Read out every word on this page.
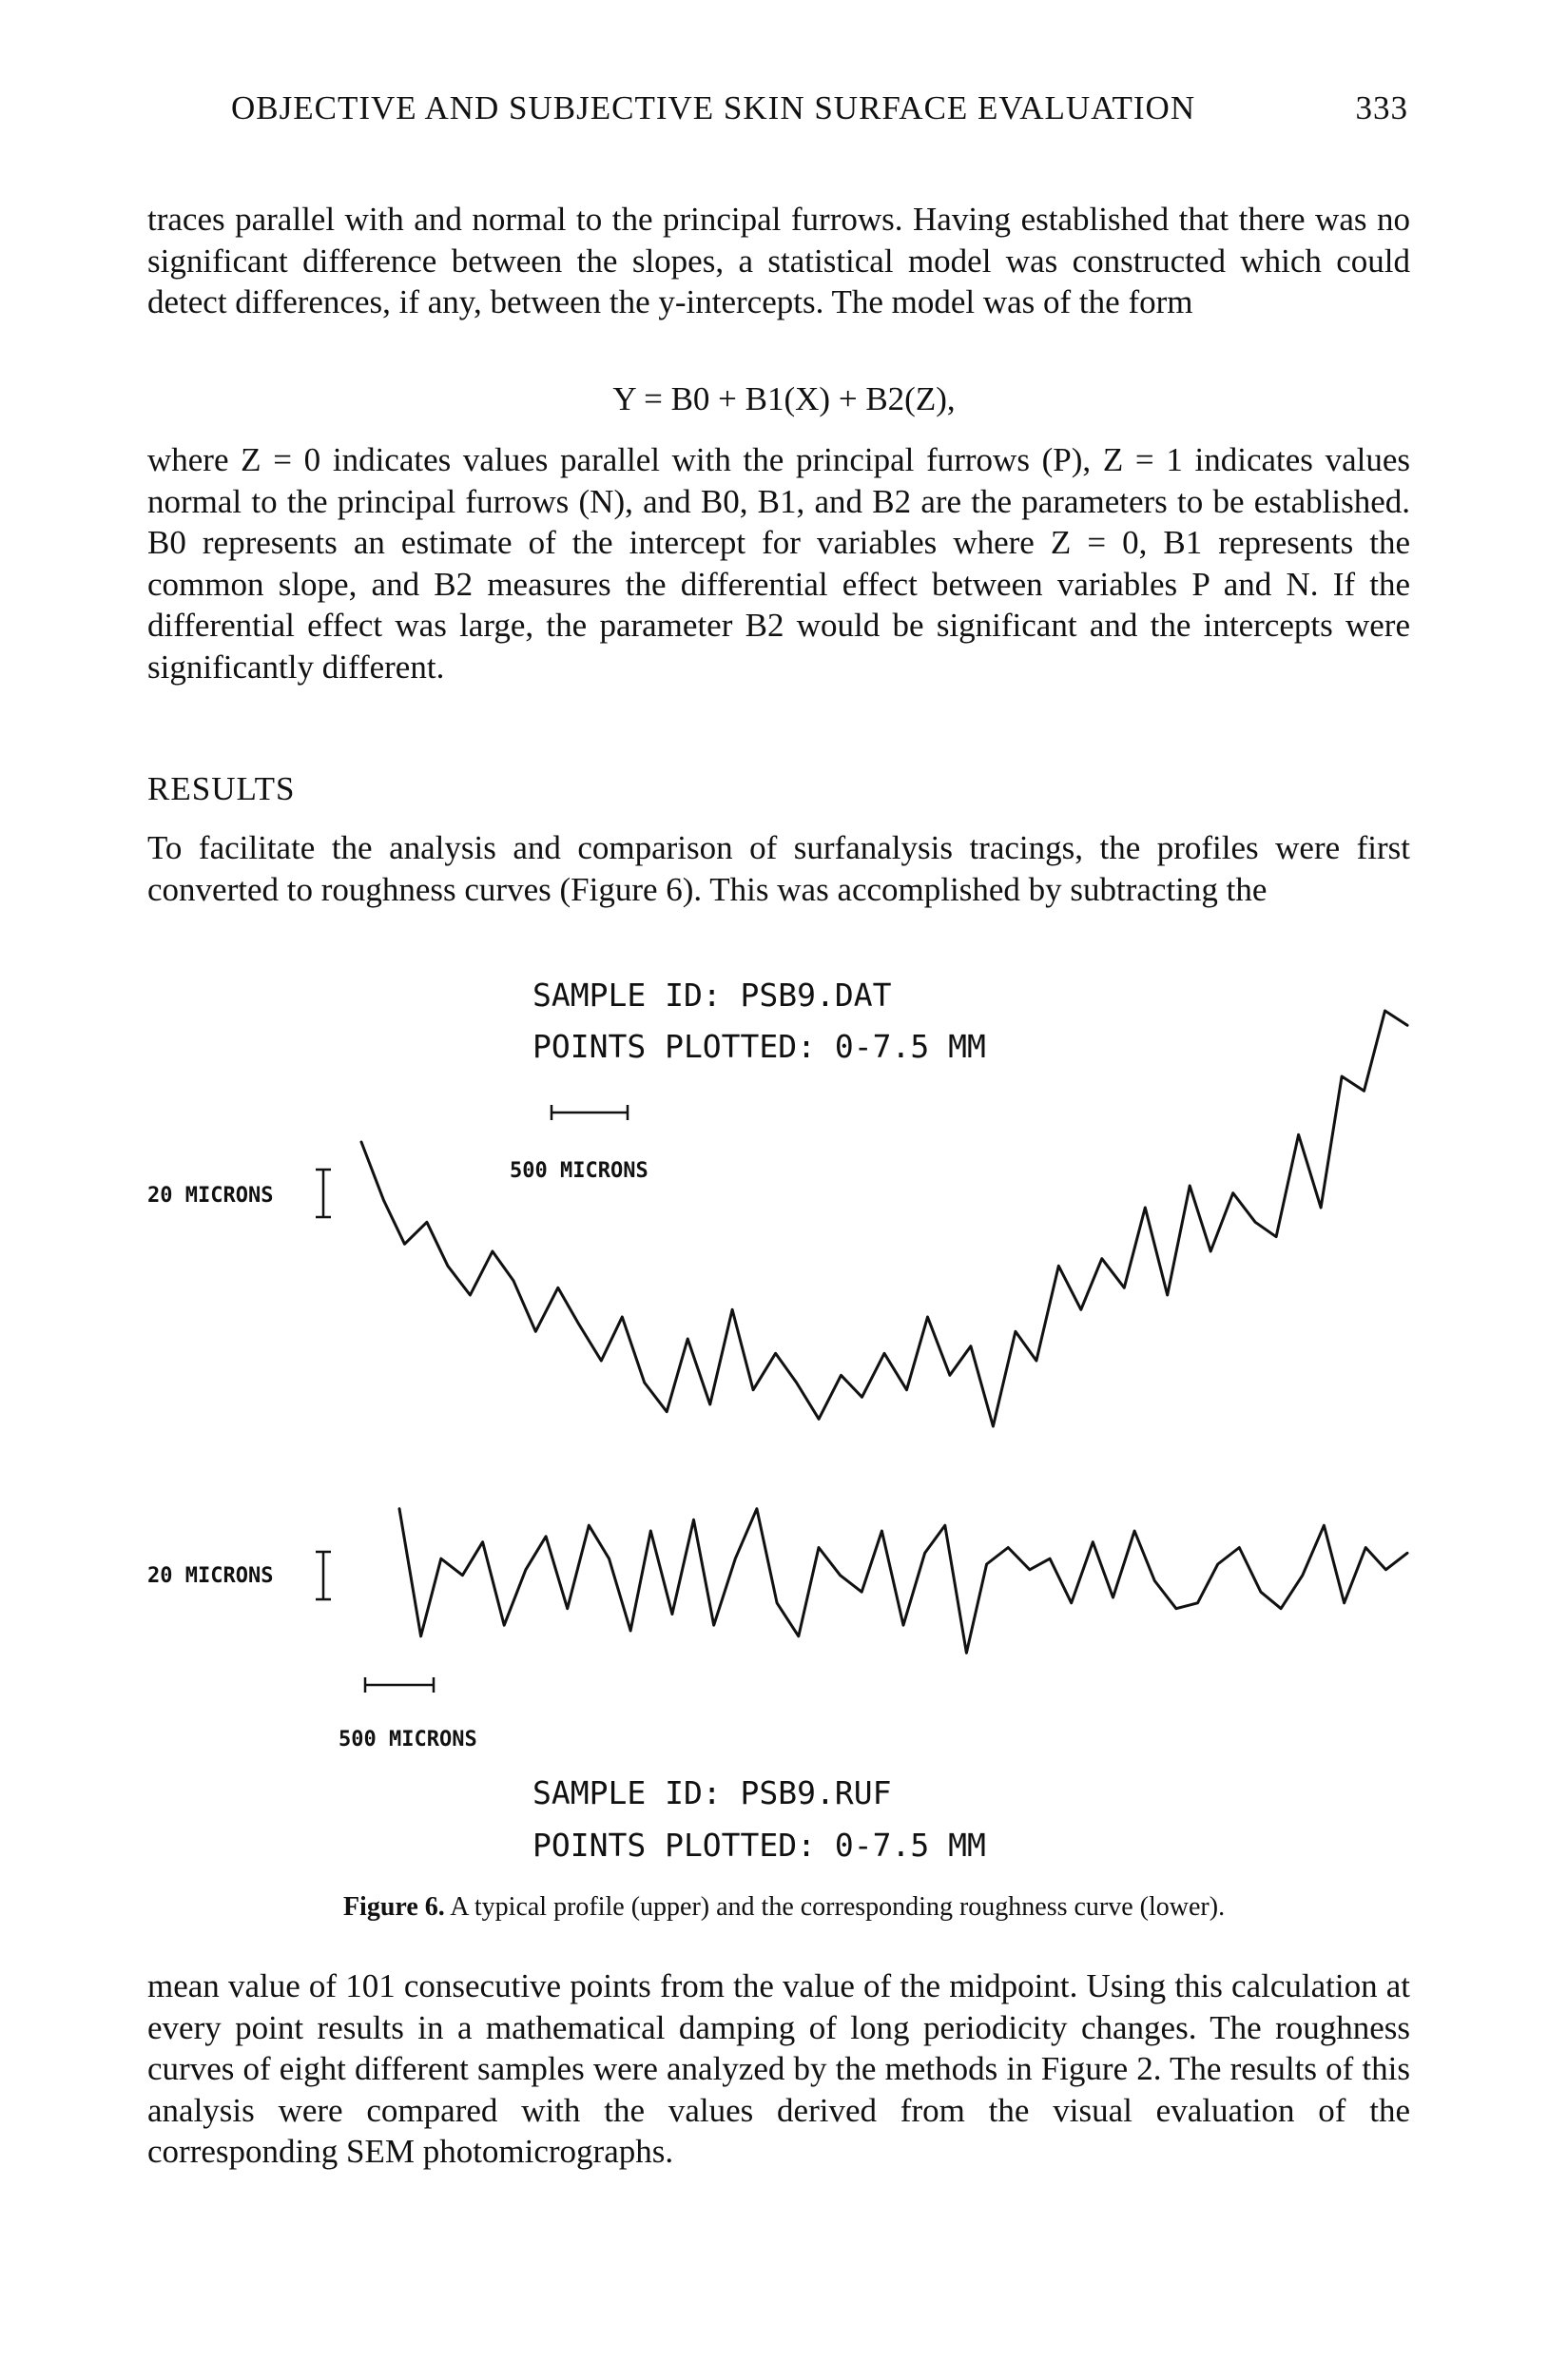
OBJECTIVE AND SUBJECTIVE SKIN SURFACE EVALUATION	333

traces parallel with and normal to the principal furrows. Having established that there was no significant difference between the slopes, a statistical model was constructed which could detect differences, if any, between the y-intercepts. The model was of the form

Y = B0 + B1(X) + B2(Z),

where Z = 0 indicates values parallel with the principal furrows (P), Z = 1 indicates values normal to the principal furrows (N), and B0, B1, and B2 are the parameters to be established. B0 represents an estimate of the intercept for variables where Z = 0, B1 represents the common slope, and B2 measures the differential effect between variables P and N. If the differential effect was large, the parameter B2 would be significant and the intercepts were significantly different.

RESULTS

To facilitate the analysis and comparison of surfanalysis tracings, the profiles were first converted to roughness curves (Figure 6). This was accomplished by subtracting the

SAMPLE ID: PSB9.DAT
POINTS PLOTTED: 0-7.5 MM
500 MICRONS
20 MICRONS
20 MICRONS
500 MICRONS
SAMPLE ID: PSB9.RUF
POINTS PLOTTED: 0-7.5 MM
Figure 6. A typical profile (upper) and the corresponding roughness curve (lower).

mean value of 101 consecutive points from the value of the midpoint. Using this calculation at every point results in a mathematical damping of long periodicity changes. The roughness curves of eight different samples were analyzed by the methods in Figure 2. The results of this analysis were compared with the values derived from the visual evaluation of the corresponding SEM photomicrographs.
